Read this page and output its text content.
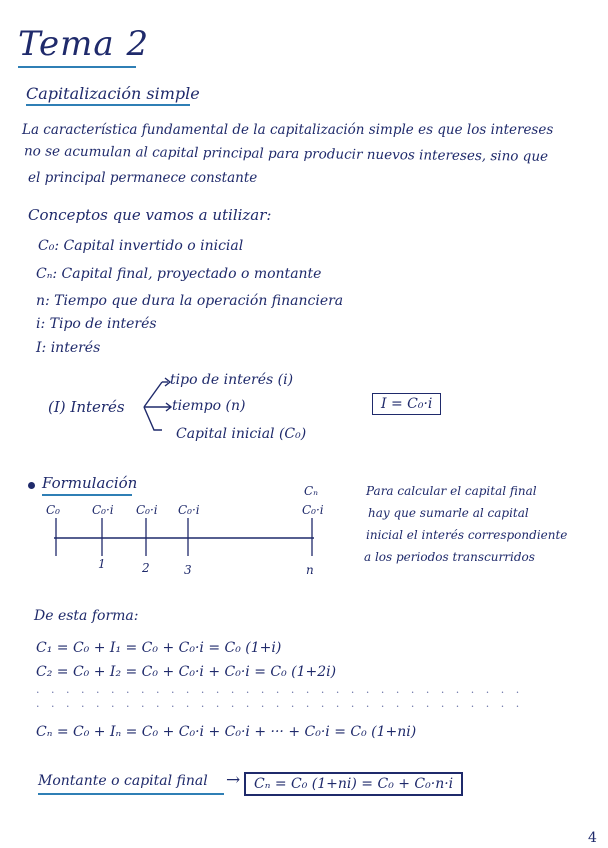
Tema 2
Capitalización simple
La característica fundamental de la capitalización simple es que los intereses
no se acumulan al capital principal para producir nuevos intereses, sino que
el principal permanece constante
Conceptos que vamos a utilizar:
C₀: Capital invertido o inicial
Cₙ: Capital final, proyectado o montante
n: Tiempo que dura la operación financiera
i: Tipo de interés
I: interés
(I) Interés
tipo de interés (i)
tiempo (n)
Capital inicial (C₀)
I = C₀·i
Formulación	Para calcular el capital final
hay que sumarle al capital
inicial el interés correspondiente
a los periodos transcurridos
C₀	C₀·i C₀·i C₀·i
Cₙ
C₀·i
1	2	3	n
De esta forma:
C₁ = C₀ + I₁ = C₀ + C₀·i = C₀ (1+i)
C₂ = C₀ + I₂ = C₀ + C₀·i + C₀·i = C₀ (1+2i)
· · · · · · · · · · · · · · · · · · · · · · · · · · · · · · · · ·
· · · · · · · · · · · · · · · · · · · · · · · · · · · · · · · · ·
Cₙ = C₀ + Iₙ = C₀ + C₀·i + C₀·i + ··· + C₀·i = C₀ (1+ni)
Montante o capital final → Cₙ = C₀ (1+ni) = C₀ + C₀·n·i
4
